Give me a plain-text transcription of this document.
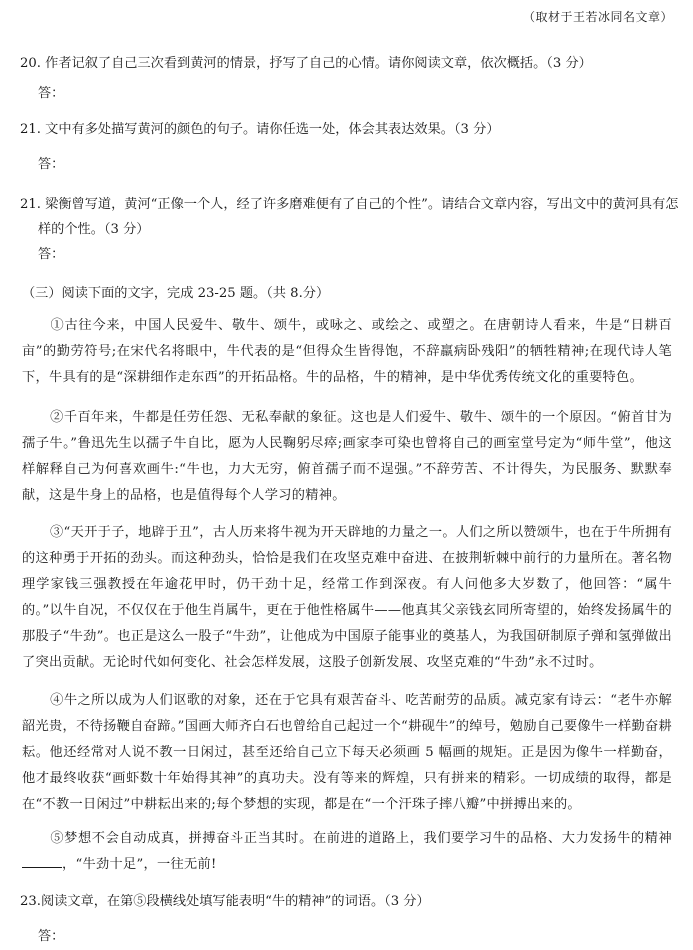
（取材于王若冰同名文章）
20. 作者记叙了自己三次看到黄河的情景，抒写了自己的心情。请你阅读文章，依次概括。（3 分）
答：
21. 文中有多处描写黄河的颜色的句子。请你任选一处，体会其表达效果。（3 分）
答：
21. 梁衡曾写道，黄河“正像一个人，经了许多磨难便有了自己的个性”。请结合文章内容，写出文中的黄河具有怎
样的个性。（3 分）
答：
（三）阅读下面的文字，完成 23-25 题。（共 8.分）
①古往今来，中国人民爱牛、敬牛、颂牛，或咏之、或绘之、或塑之。在唐朝诗人看来，牛是“日耕百亩”的勤劳符号;在宋代名将眼中，牛代表的是“但得众生皆得饱，不辞羸病卧残阳”的牺牲精神;在现代诗人笔下，牛具有的是“深耕细作走东西”的开拓品格。牛的品格，牛的精神，是中华优秀传统文化的重要特色。
②千百年来，牛都是任劳任怨、无私奉献的象征。这也是人们爱牛、敬牛、颂牛的一个原因。“俯首甘为孺子牛。”鲁迅先生以孺子牛自比，愿为人民鞠躬尽瘁;画家李可染也曾将自己的画室堂号定为“师牛堂”，他这样解释自己为何喜欢画牛:“牛也，力大无穷，俯首孺子而不逞强。”不辞劳苦、不计得失，为民服务、默默奉献，这是牛身上的品格，也是值得每个人学习的精神。
③“天开于子，地辟于丑”，古人历来将牛视为开天辟地的力量之一。人们之所以赞颂牛，也在于牛所拥有的这种勇于开拓的劲头。而这种劲头，恰恰是我们在攻坚克难中奋进、在披荆斩棘中前行的力量所在。著名物理学家钱三强教授在年逾花甲时，仍干劲十足，经常工作到深夜。有人问他多大岁数了，他回答：“属牛的。”以牛自况，不仅仅在于他生肖属牛，更在于他性格属牛——他真其父亲钱玄同所寄望的，始终发扬属牛的那股子“牛劲”。也正是这么一股子“牛劲”，让他成为中国原子能事业的奠基人，为我国研制原子弹和氢弹做出了突出贡献。无论时代如何变化、社会怎样发展，这股子创新发展、攻坚克难的“牛劲”永不过时。
④牛之所以成为人们讴歌的对象，还在于它具有艰苦奋斗、吃苦耐劳的品质。减克家有诗云：“老牛亦解韶光贵，不待扬鞭自奋蹄。”国画大师齐白石也曾给自己起过一个“耕砚牛”的绰号，勉励自己要像牛一样勤奋耕耘。他还经常对人说不教一日闲过，甚至还给自己立下每天必须画 5 幅画的规矩。正是因为像牛一样勤奋，他才最终收获“画虾数十年始得其神”的真功夫。没有等来的辉煌，只有拼来的精彩。一切成绩的取得，都是在“不教一日闲过”中耕耘出来的;每个梦想的实现，都是在“一个汗珠子摔八瓣”中拼搏出来的。
⑤梦想不会自动成真，拼搏奋斗正当其时。在前进的道路上，我们要学习牛的品格、大力发扬牛的精神，“牛劲十足”，一往无前!
23.阅读文章，在第⑤段横线处填写能表明“牛的精神”的词语。（3 分）
答：
